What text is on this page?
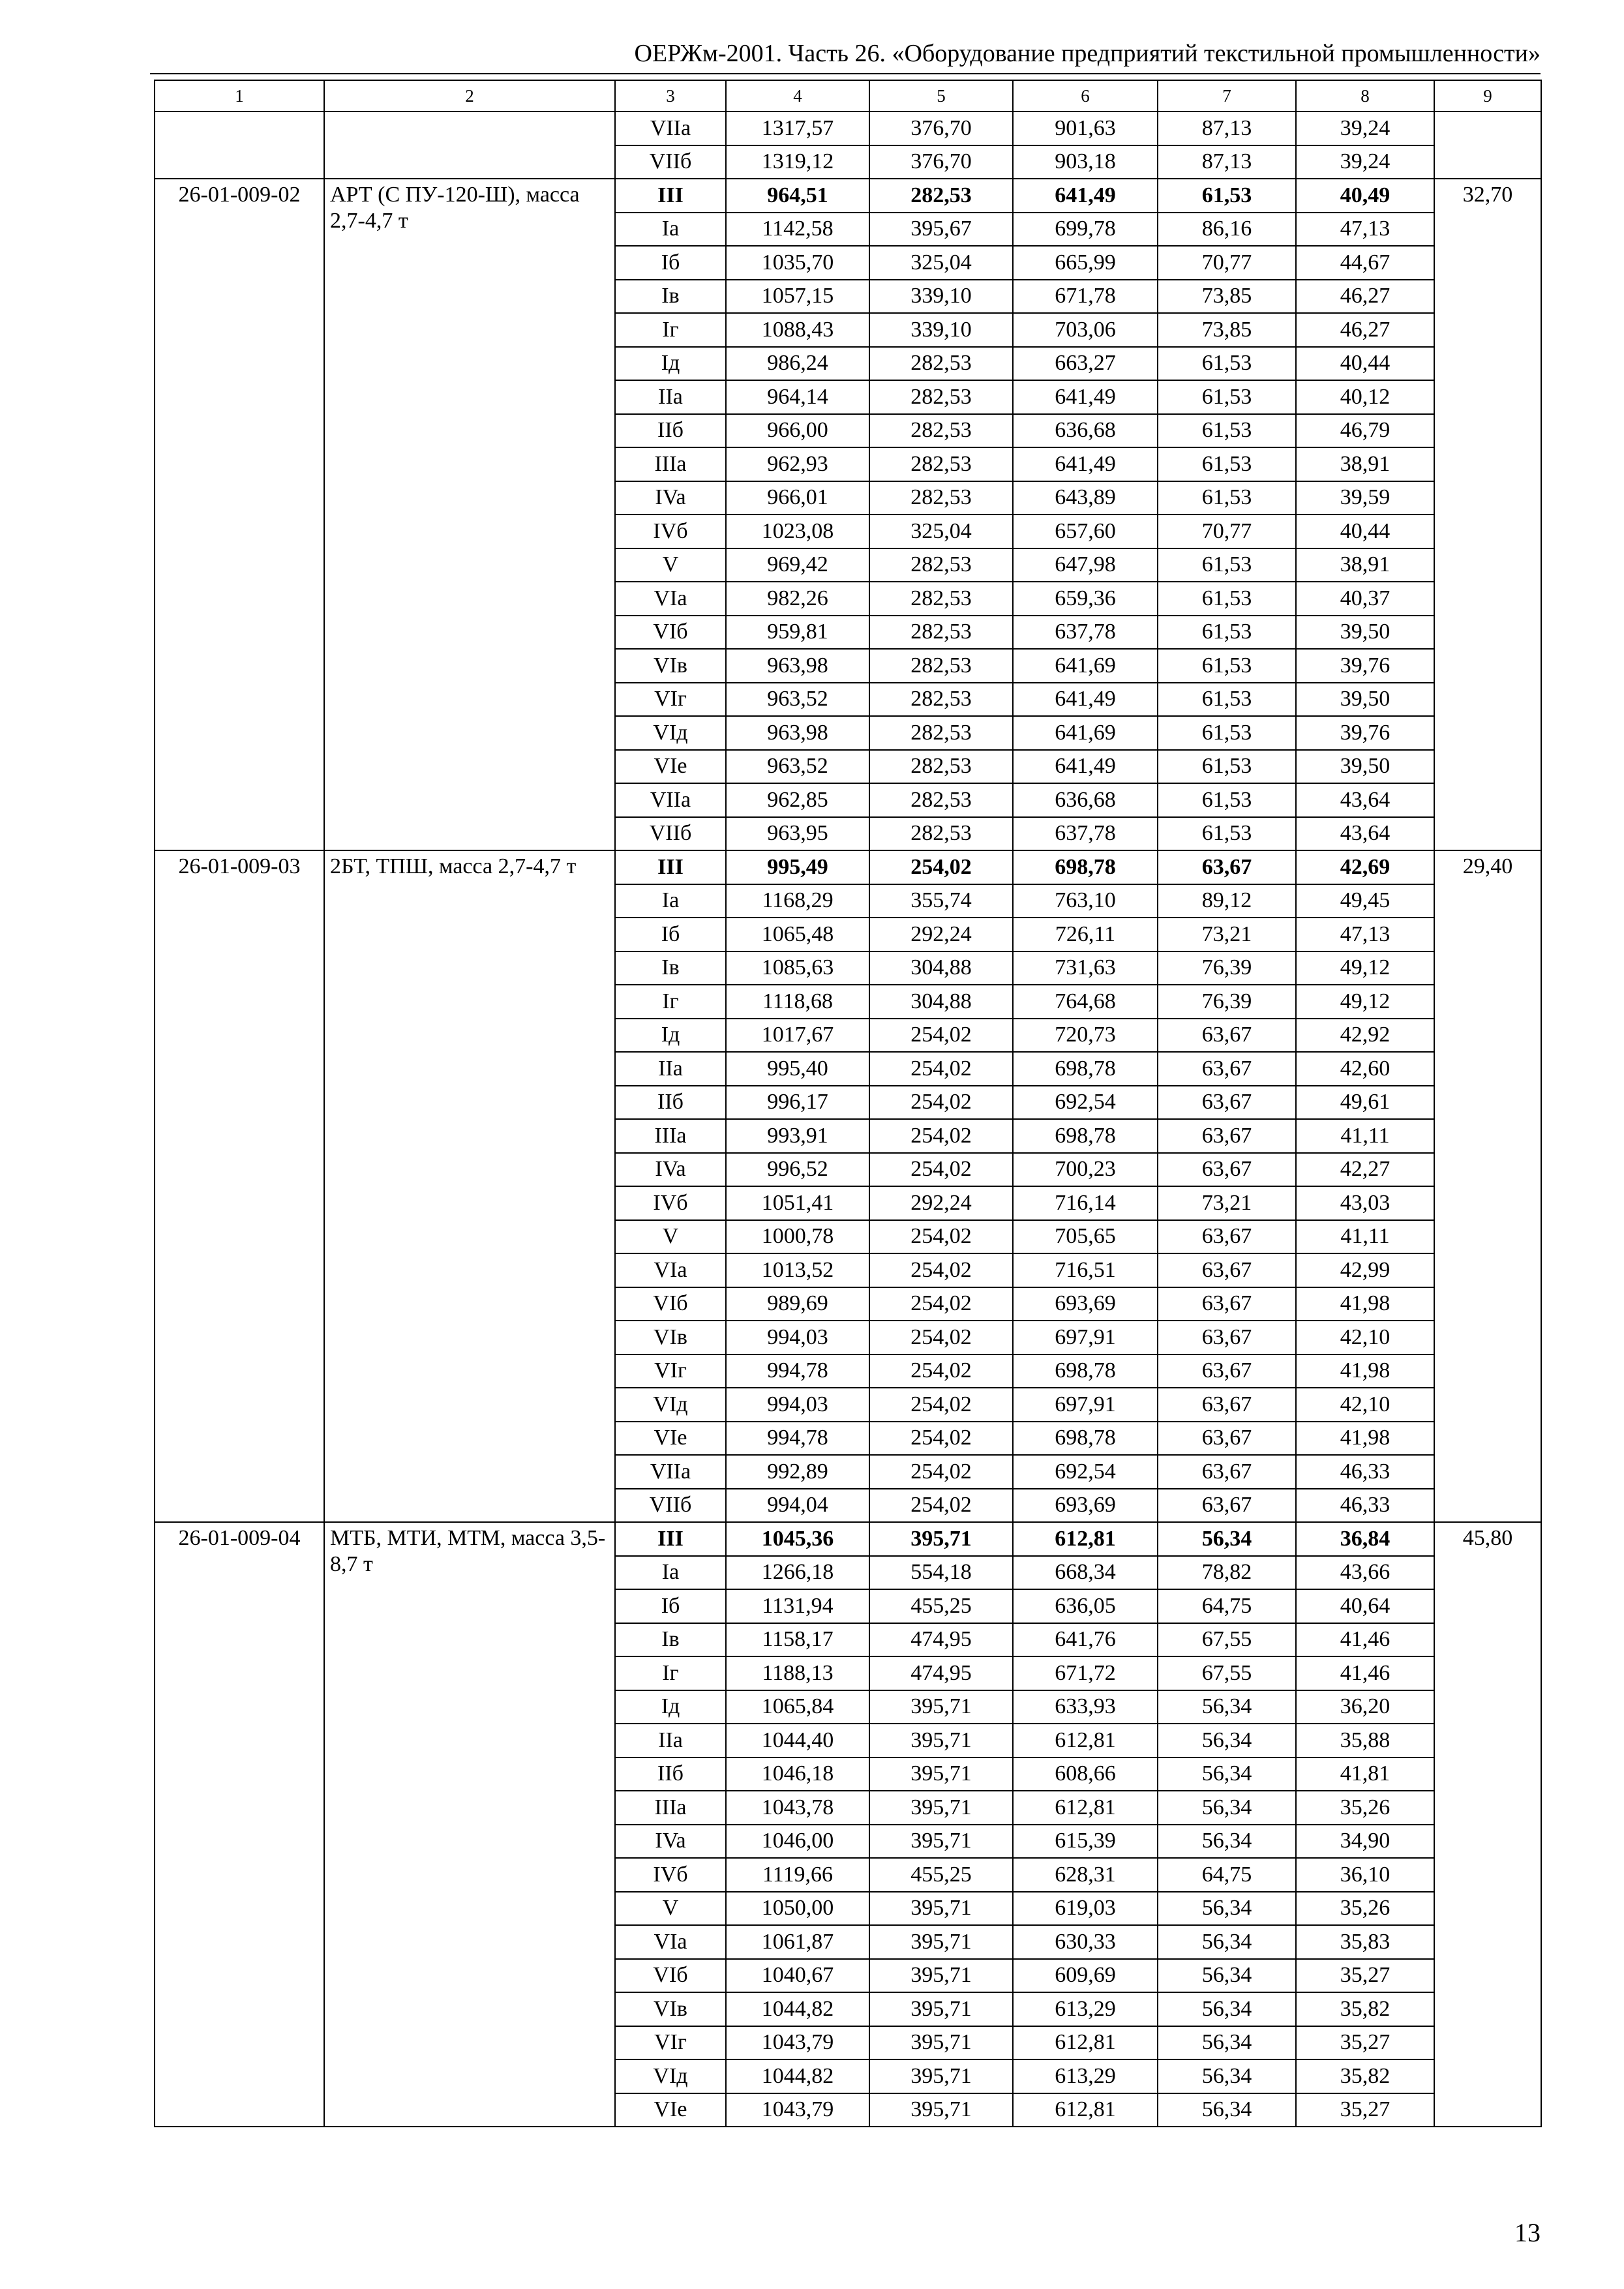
ОЕРЖм-2001. Часть 26. «Оборудование предприятий текстильной промышленности»
1	2	3	4	5	6	7	8	9
		VIIa	1317,57	376,70	901,63	87,13	39,24	
		VIIб	1319,12	376,70	903,18	87,13	39,24	
26-01-009-02	АРТ (С ПУ-120-Ш), масса 2,7-4,7 т	III	964,51	282,53	641,49	61,53	40,49	32,70
		Ia	1142,58	395,67	699,78	86,16	47,13	
		Iб	1035,70	325,04	665,99	70,77	44,67	
		Iв	1057,15	339,10	671,78	73,85	46,27	
		Iг	1088,43	339,10	703,06	73,85	46,27	
		Iд	986,24	282,53	663,27	61,53	40,44	
		IIa	964,14	282,53	641,49	61,53	40,12	
		IIб	966,00	282,53	636,68	61,53	46,79	
		IIIa	962,93	282,53	641,49	61,53	38,91	
		IVa	966,01	282,53	643,89	61,53	39,59	
		IVб	1023,08	325,04	657,60	70,77	40,44	
		V	969,42	282,53	647,98	61,53	38,91	
		VIa	982,26	282,53	659,36	61,53	40,37	
		VIб	959,81	282,53	637,78	61,53	39,50	
		VIв	963,98	282,53	641,69	61,53	39,76	
		VIг	963,52	282,53	641,49	61,53	39,50	
		VIд	963,98	282,53	641,69	61,53	39,76	
		VIe	963,52	282,53	641,49	61,53	39,50	
		VIIa	962,85	282,53	636,68	61,53	43,64	
		VIIб	963,95	282,53	637,78	61,53	43,64	
26-01-009-03	2БТ, ТПШ, масса 2,7-4,7 т	III	995,49	254,02	698,78	63,67	42,69	29,40
		Ia	1168,29	355,74	763,10	89,12	49,45	
		Iб	1065,48	292,24	726,11	73,21	47,13	
		Iв	1085,63	304,88	731,63	76,39	49,12	
		Iг	1118,68	304,88	764,68	76,39	49,12	
		Iд	1017,67	254,02	720,73	63,67	42,92	
		IIa	995,40	254,02	698,78	63,67	42,60	
		IIб	996,17	254,02	692,54	63,67	49,61	
		IIIa	993,91	254,02	698,78	63,67	41,11	
		IVa	996,52	254,02	700,23	63,67	42,27	
		IVб	1051,41	292,24	716,14	73,21	43,03	
		V	1000,78	254,02	705,65	63,67	41,11	
		VIa	1013,52	254,02	716,51	63,67	42,99	
		VIб	989,69	254,02	693,69	63,67	41,98	
		VIв	994,03	254,02	697,91	63,67	42,10	
		VIг	994,78	254,02	698,78	63,67	41,98	
		VIд	994,03	254,02	697,91	63,67	42,10	
		VIe	994,78	254,02	698,78	63,67	41,98	
		VIIa	992,89	254,02	692,54	63,67	46,33	
		VIIб	994,04	254,02	693,69	63,67	46,33	
26-01-009-04	МТБ, МТИ, МТМ, масса 3,5-8,7 т	III	1045,36	395,71	612,81	56,34	36,84	45,80
		Ia	1266,18	554,18	668,34	78,82	43,66	
		Iб	1131,94	455,25	636,05	64,75	40,64	
		Iв	1158,17	474,95	641,76	67,55	41,46	
		Iг	1188,13	474,95	671,72	67,55	41,46	
		Iд	1065,84	395,71	633,93	56,34	36,20	
		IIa	1044,40	395,71	612,81	56,34	35,88	
		IIб	1046,18	395,71	608,66	56,34	41,81	
		IIIa	1043,78	395,71	612,81	56,34	35,26	
		IVa	1046,00	395,71	615,39	56,34	34,90	
		IVб	1119,66	455,25	628,31	64,75	36,10	
		V	1050,00	395,71	619,03	56,34	35,26	
		VIa	1061,87	395,71	630,33	56,34	35,83	
		VIб	1040,67	395,71	609,69	56,34	35,27	
		VIв	1044,82	395,71	613,29	56,34	35,82	
		VIг	1043,79	395,71	612,81	56,34	35,27	
		VIд	1044,82	395,71	613,29	56,34	35,82	
		VIe	1043,79	395,71	612,81	56,34	35,27	
13
